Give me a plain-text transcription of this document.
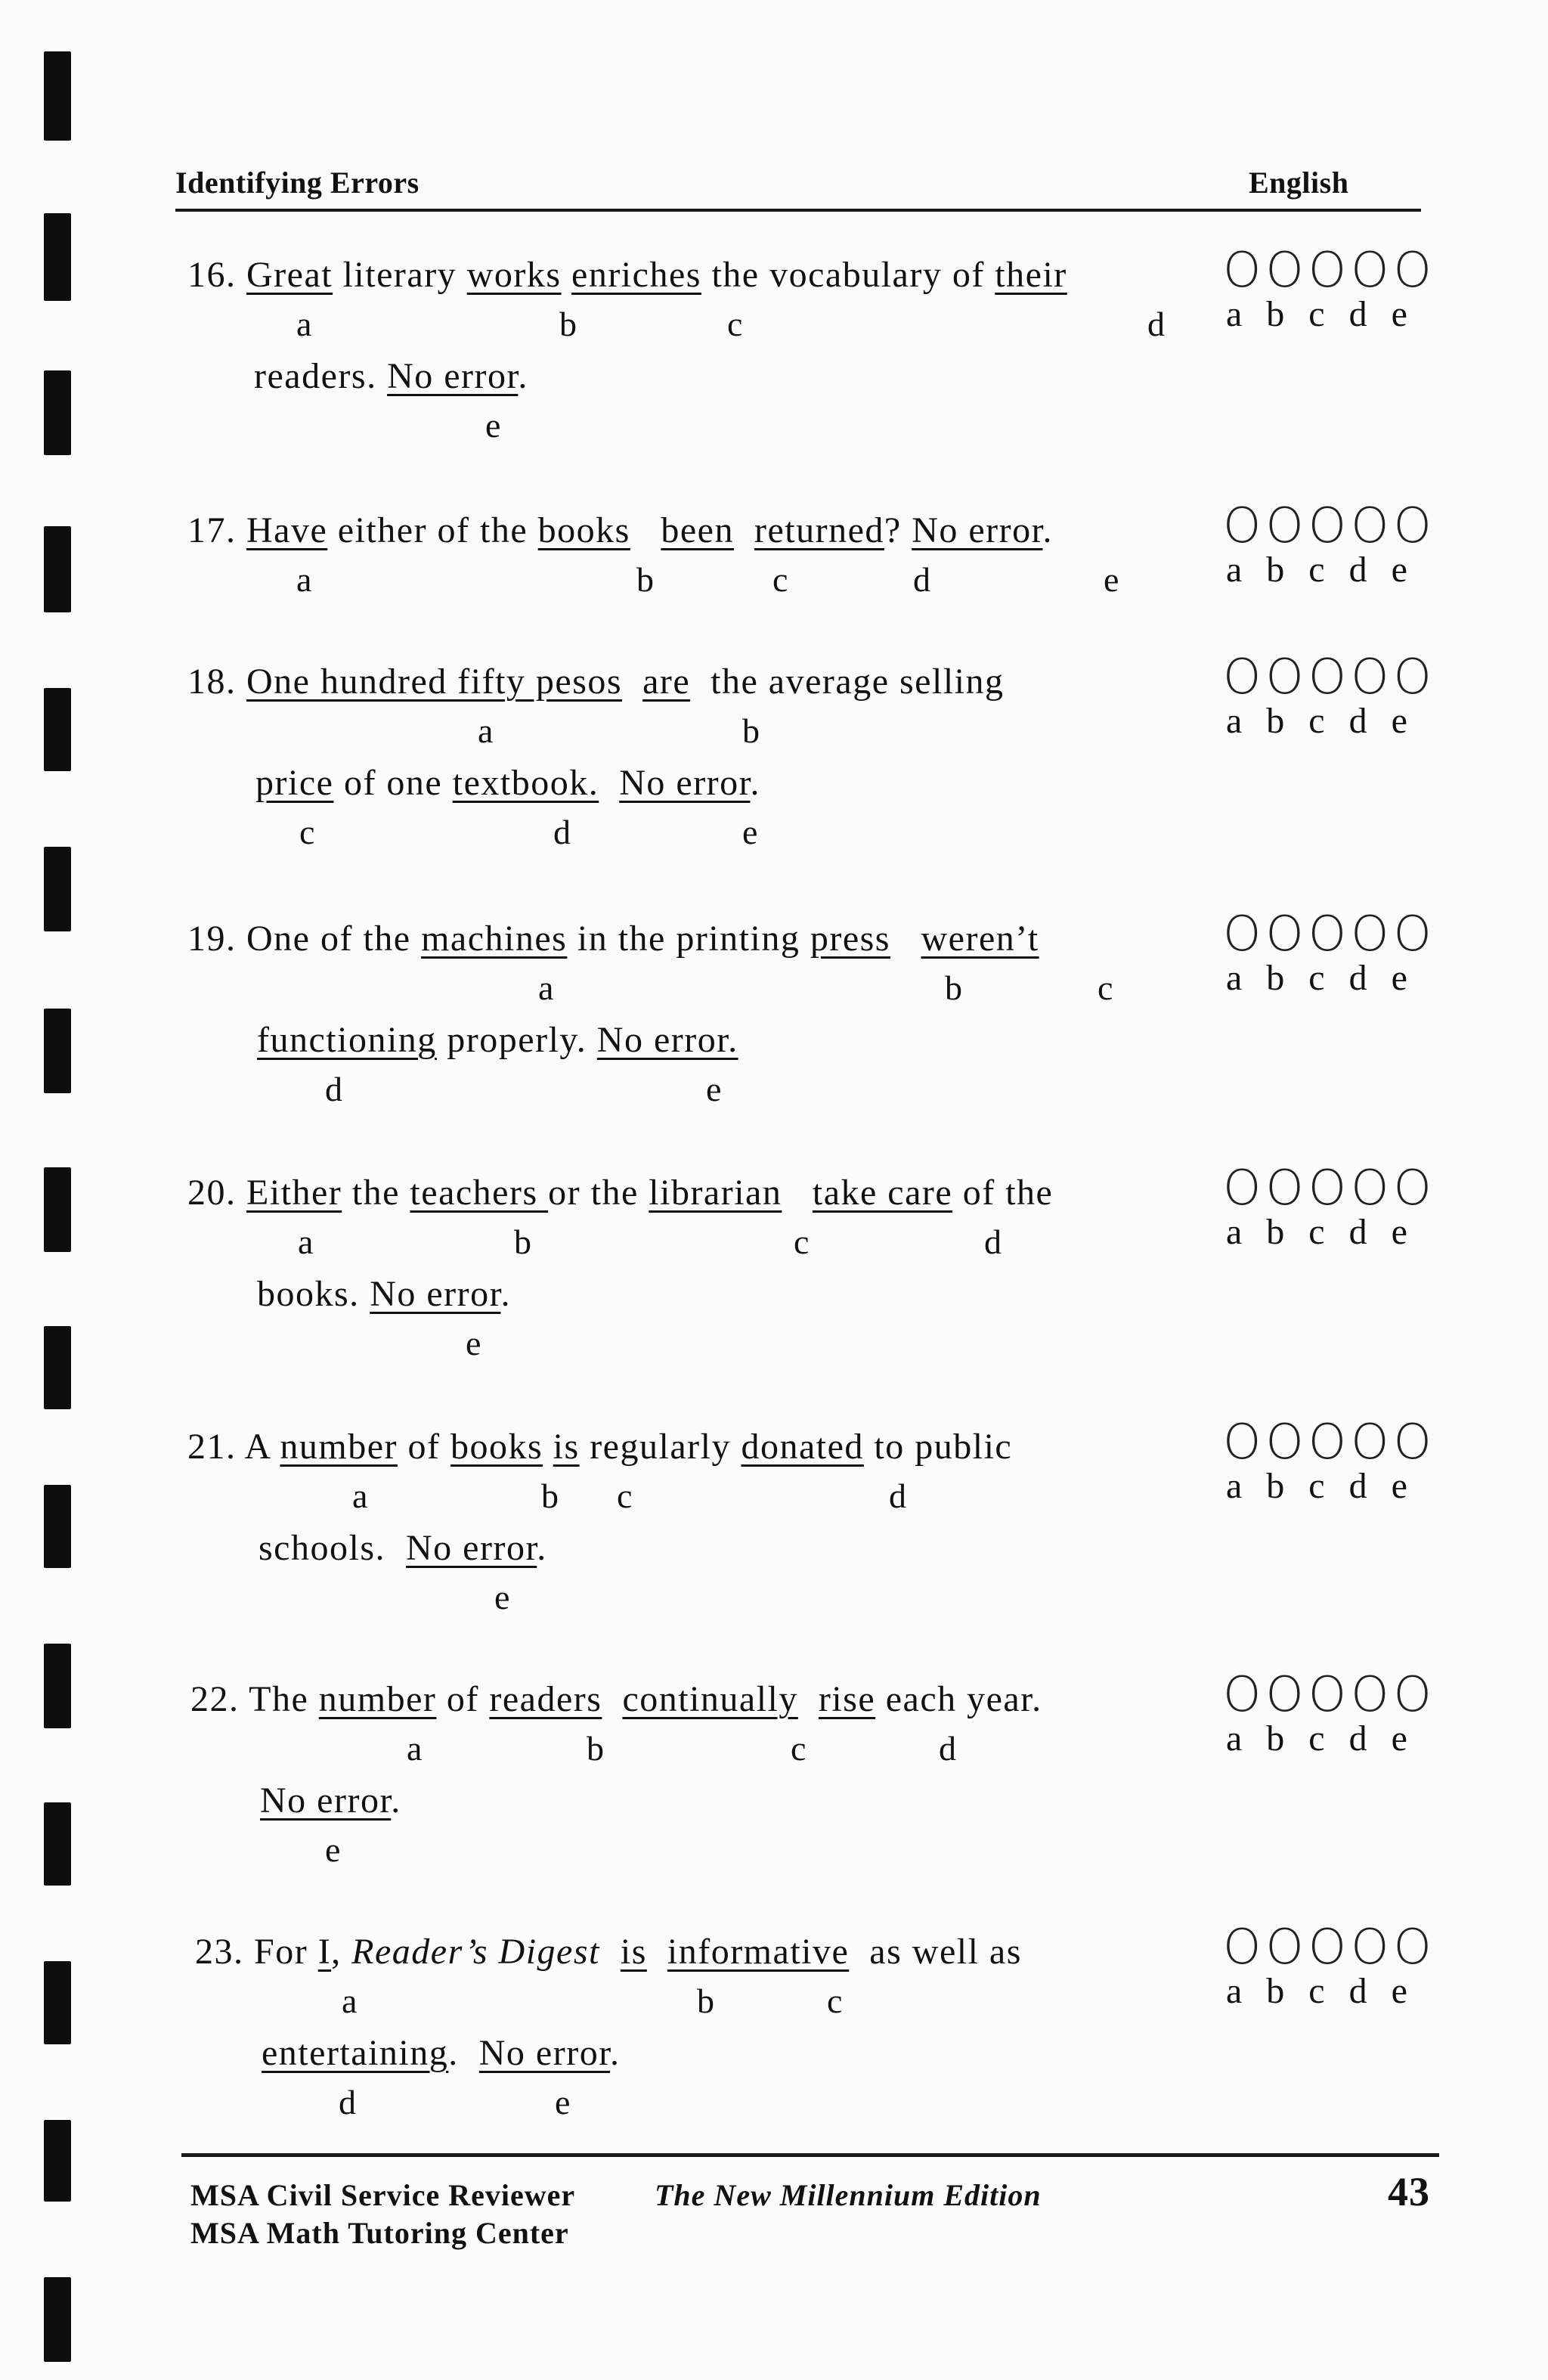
Identifying Errors	English
16. Great literary works enriches the vocabulary of their
readers. No error.
a	b	c	d
e
OOOOO
a b c d e
17. Have either of the books been returned? No error.
a	b	c	d	e
OOOOO
a b c d e
18. One hundred fifty pesos are  the average selling
price of one textbook. No error.
a	b
c	d	e
OOOOO
a b c d e
19. One of the machines in the printing press weren’t
functioning properly. No error.
a	b	c
d	e
OOOOO
a b c d e
20. Either the teachers or the librarian take care of the
books. No error.
a	b	c	d
e
OOOOO
a b c d e
21. A number of books is regularly donated to public
schools.  No error.
a	b c	d
e
OOOOO
a b c d e
22. The number of readers continually rise each year.
No error.
a	b	c	d
e
OOOOO
a b c d e
23. For I, Reader’s Digest is informative  as well as
entertaining.  No error.
a	b	c
d	e
OOOOO
a b c d e
MSA Civil Service Reviewer	The New Millennium Edition
MSA Math Tutoring Center
43
